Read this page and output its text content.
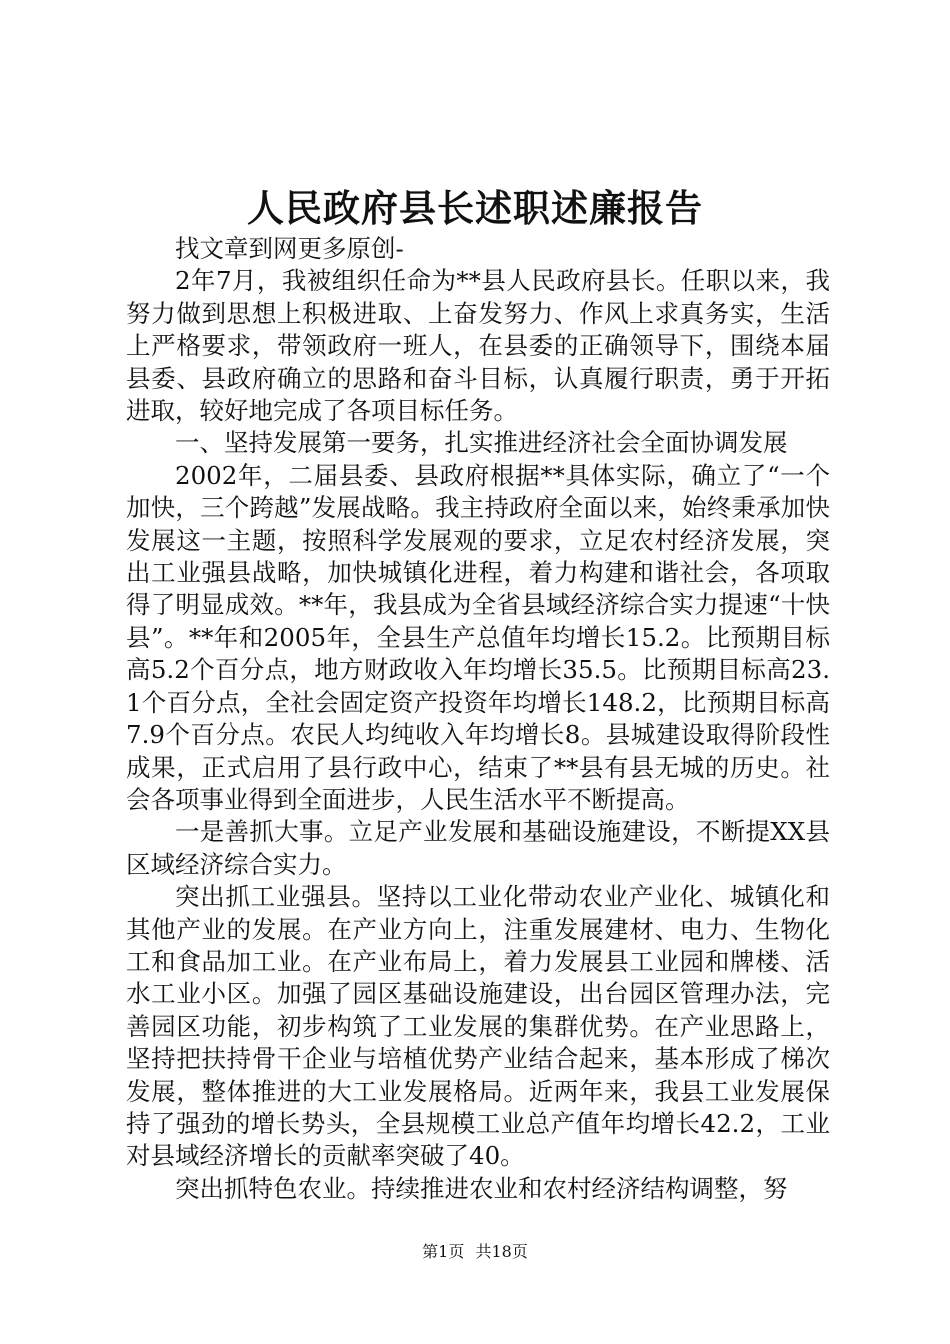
人民政府县长述职述廉报告

找文章到网更多原创-

2年7月，我被组织任命为**县人民政府县长。任职以来，我努力做到思想上积极进取、上奋发努力、作风上求真务实，生活上严格要求，带领政府一班人，在县委的正确领导下，围绕本届县委、县政府确立的思路和奋斗目标，认真履行职责，勇于开拓进取，较好地完成了各项目标任务。

一、坚持发展第一要务，扎实推进经济社会全面协调发展

2002年，二届县委、县政府根据**具体实际，确立了“一个加快，三个跨越”发展战略。我主持政府全面以来，始终秉承加快发展这一主题，按照科学发展观的要求，立足农村经济发展，突出工业强县战略，加快城镇化进程，着力构建和谐社会，各项取得了明显成效。**年，我县成为全省县域经济综合实力提速“十快县”。**年和2005年，全县生产总值年均增长15.2。比预期目标高5.2个百分点，地方财政收入年均增长35.5。比预期目标高23.1个百分点，全社会固定资产投资年均增长148.2，比预期目标高7.9个百分点。农民人均纯收入年均增长8。县城建设取得阶段性成果，正式启用了县行政中心，结束了**县有县无城的历史。社会各项事业得到全面进步，人民生活水平不断提高。

一是善抓大事。立足产业发展和基础设施建设，不断提XX县区域经济综合实力。

突出抓工业强县。坚持以工业化带动农业产业化、城镇化和其他产业的发展。在产业方向上，注重发展建材、电力、生物化工和食品加工业。在产业布局上，着力发展县工业园和牌楼、活水工业小区。加强了园区基础设施建设，出台园区管理办法，完善园区功能，初步构筑了工业发展的集群优势。在产业思路上，坚持把扶持骨干企业与培植优势产业结合起来，基本形成了梯次发展，整体推进的大工业发展格局。近两年来，我县工业发展保持了强劲的增长势头，全县规模工业总产值年均增长42.2，工业对县域经济增长的贡献率突破了40。

突出抓特色农业。持续推进农业和农村经济结构调整，努

第1页 共18页
